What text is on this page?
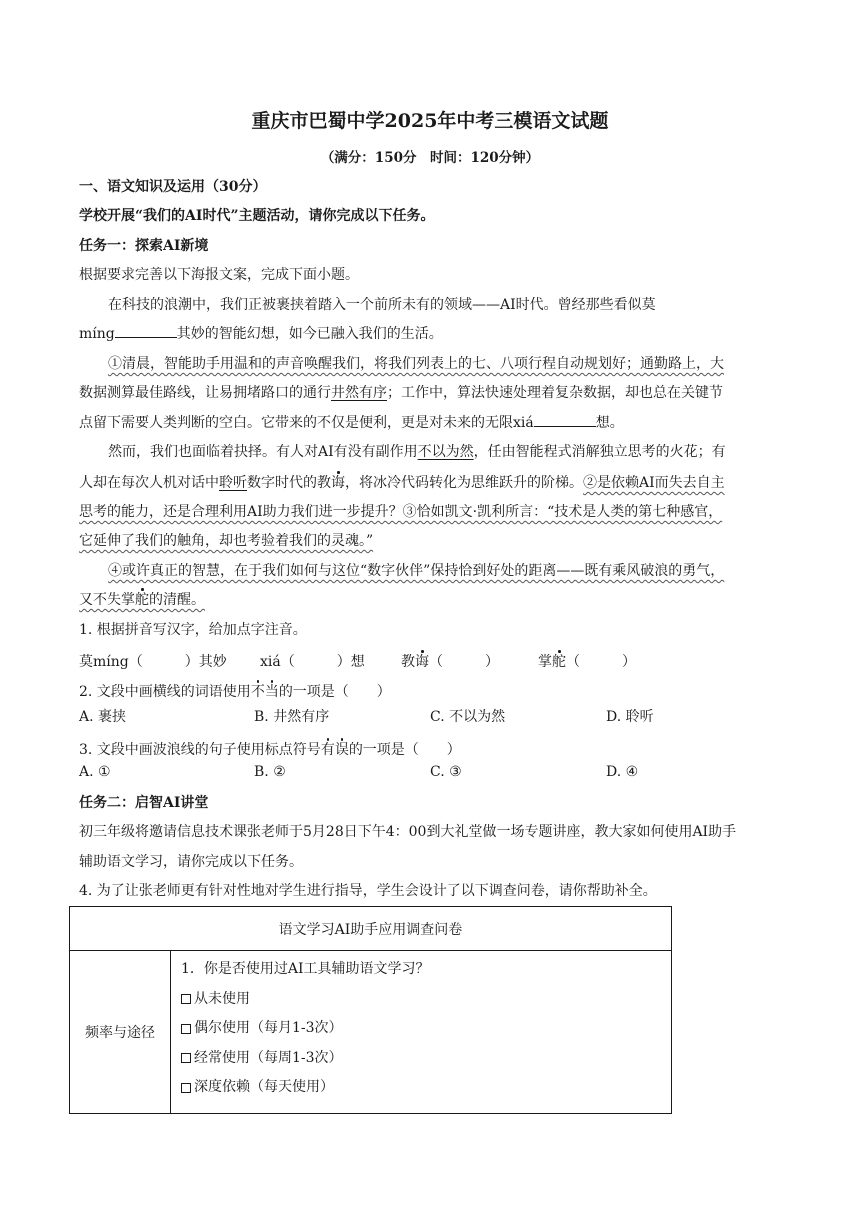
重庆市巴蜀中学2025年中考三模语文试题
（满分：150分　时间：120分钟）
一、语文知识及运用（30分）
学校开展“我们的AI时代”主题活动，请你完成以下任务。
任务一：探索AI新境
根据要求完善以下海报文案，完成下面小题。
在科技的浪潮中，我们正被裹挟着踏入一个前所未有的领域——AI时代。曾经那些看似莫
míng	其妙的智能幻想，如今已融入我们的生活。
①清晨，智能助手用温和的声音唤醒我们，将我们列表上的七、八项行程自动规划好；通勤路上，大
数据测算最佳路线，让易拥堵路口的通行井然有序；工作中，算法快速处理着复杂数据，却也总在关键节
点留下需要人类判断的空白。它带来的不仅是便利，更是对未来的无限xiá	想。
然而，我们也面临着抉择。有人对AI有没有副作用不以为然，任由智能程式消解独立思考的火花；有
人却在每次人机对话中聆听数字时代的教诲，将冰冷代码转化为思维跃升的阶梯。②是依赖AI而失去自主
思考的能力，还是合理利用AI助力我们进一步提升？③恰如凯文·凯利所言：“技术是人类的第七种感官，
它延伸了我们的触角，却也考验着我们的灵魂。”
④或许真正的智慧，在于我们如何与这位“数字伙伴”保持恰到好处的距离——既有乘风破浪的勇气，
又不失掌舵的清醒。
1. 根据拼音写汉字，给加点字注音。
莫míng（　　　）其妙 xiá（　　　）想	教诲（　　　）	掌舵（　　　）
2. 文段中画横线的词语使用不当的一项是（　　）
A. 裹挟	B. 井然有序	C. 不以为然	D. 聆听
3. 文段中画波浪线的句子使用标点符号有误的一项是（　　）
A. ①	B. ②	C. ③	D. ④
任务二：启智AI讲堂
初三年级将邀请信息技术课张老师于5月28日下午4：00到大礼堂做一场专题讲座，教大家如何使用AI助手
辅助语文学习，请你完成以下任务。
4. 为了让张老师更有针对性地对学生进行指导，学生会设计了以下调查问卷，请你帮助补全。
语文学习AI助手应用调查问卷
频率与途径	
1．你是否使用过AI工具辅助语文学习？
从未使用
偶尔使用（每月1-3次）
经常使用（每周1-3次）
深度依赖（每天使用）
